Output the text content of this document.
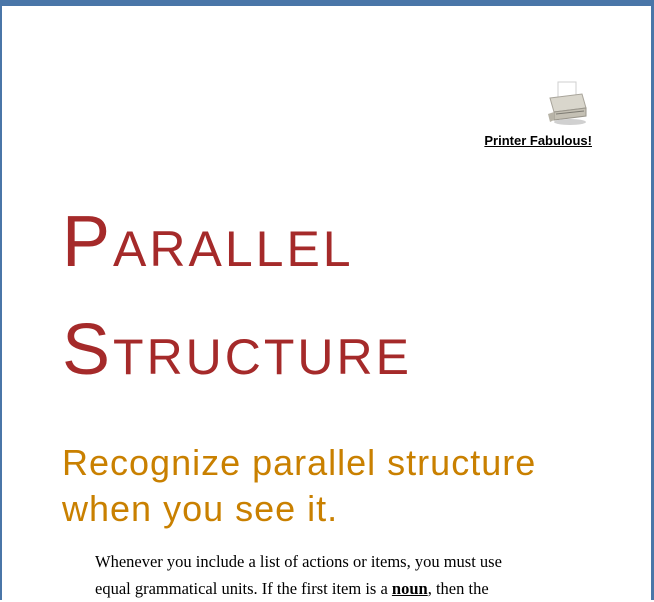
Printer Fabulous!
Parallel
Structure
Recognize parallel structure when you see it.

Whenever you include a list of actions or items, you must use equal grammatical units. If the first item is a noun, then the
